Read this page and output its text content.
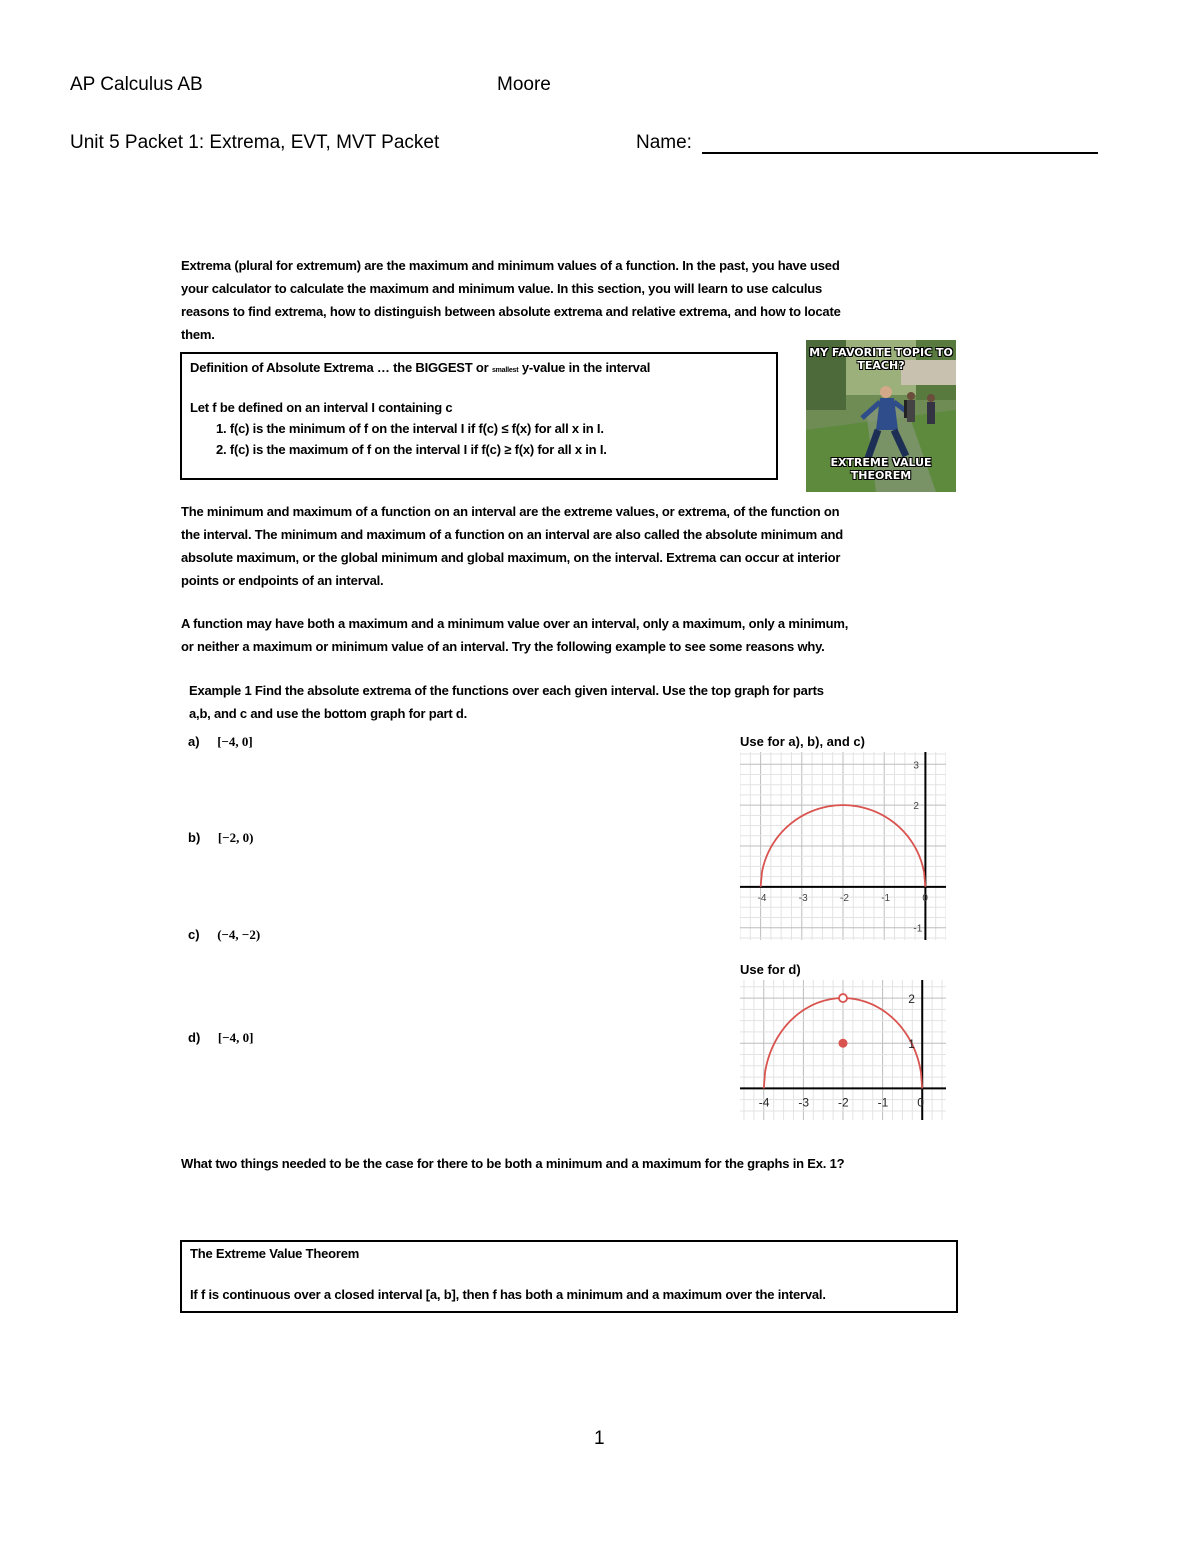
AP Calculus AB	Moore
Unit 5 Packet 1: Extrema, EVT, MVT Packet	Name:
Extrema (plural for extremum) are the maximum and minimum values of a function. In the past, you have used
your calculator to calculate the maximum and minimum value. In this section, you will learn to use calculus
reasons to find extrema, how to distinguish between absolute extrema and relative extrema, and how to locate
them.
Definition of Absolute Extrema … the BIGGEST or smallest y-value in the interval
Let f be defined on an interval I containing c
1. f(c) is the minimum of f on the interval I if f(c) ≤ f(x) for all x in I.
2. f(c) is the maximum of f on the interval I if f(c) ≥ f(x) for all x in I.
MY FAVORITE TOPIC TO TEACH?
EXTREME VALUE THEOREM
The minimum and maximum of a function on an interval are the extreme values, or extrema, of the function on
the interval. The minimum and maximum of a function on an interval are also called the absolute minimum and
absolute maximum, or the global minimum and global maximum, on the interval. Extrema can occur at interior
points or endpoints of an interval.
A function may have both a maximum and a minimum value over an interval, only a maximum, only a minimum,
or neither a maximum or minimum value of an interval. Try the following example to see some reasons why.
Example 1 Find the absolute extrema of the functions over each given interval. Use the top graph for parts
a,b, and c and use the bottom graph for part d.
a) [−4, 0]
b) [−2, 0)
c) (−4, −2)
d) [−4, 0]
Use for a), b), and c)
Use for d)
-4	-3	-2	-1	0
3
2
-1
-4 -3 -2 -1 0
2
1
What two things needed to be the case for there to be both a minimum and a maximum for the graphs in Ex. 1?
The Extreme Value Theorem
If f is continuous over a closed interval [a, b], then f has both a minimum and a maximum over the interval.
1
